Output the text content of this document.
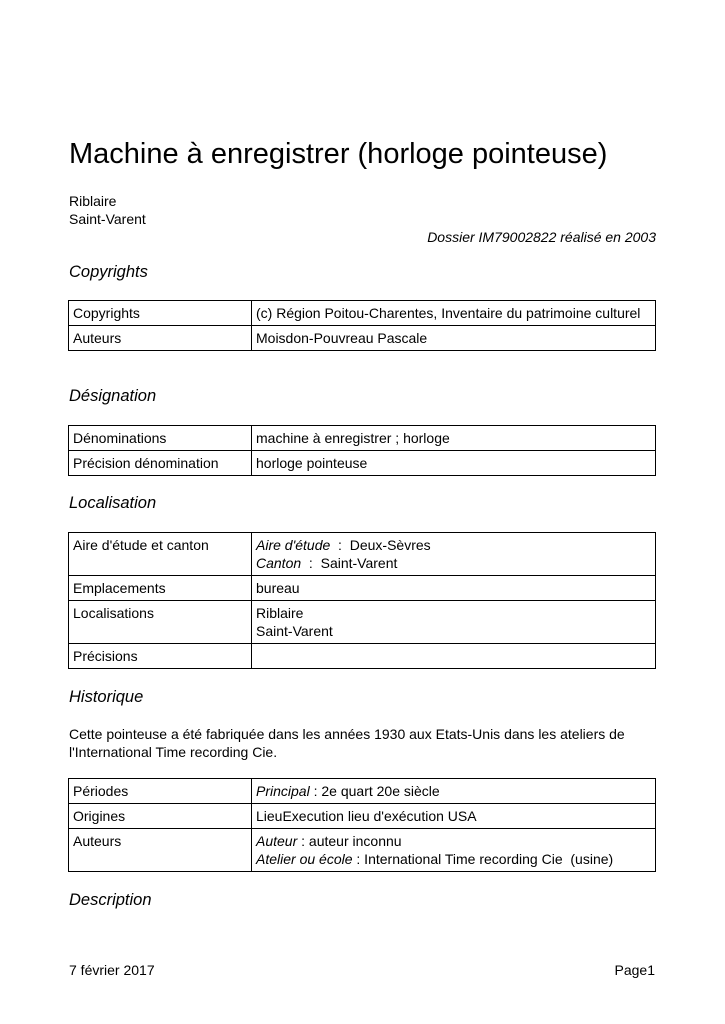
Machine à enregistrer (horloge pointeuse)
Riblaire
Saint-Varent
Dossier IM79002822 réalisé en 2003
Copyrights
Copyrights	(c) Région Poitou-Charentes, Inventaire du patrimoine culturel
Auteurs	Moisdon-Pouvreau Pascale
Désignation
Dénominations	machine à enregistrer ; horloge
Précision dénomination	horloge pointeuse
Localisation
Aire d'étude et canton	Aire d'étude  :  Deux-Sèvres
Canton  :  Saint-Varent

Emplacements	bureau
Localisations	Riblaire
Saint-Varent

Précisions	
Historique
Cette pointeuse a été fabriquée dans les années 1930 aux Etats-Unis dans les ateliers de l'International Time recording Cie.
Périodes	Principal : 2e quart 20e siècle
Origines	LieuExecution lieu d'exécution USA
Auteurs	Auteur : auteur inconnu
Atelier ou école : International Time recording Cie  (usine)
Description
7 février 2017	Page1
